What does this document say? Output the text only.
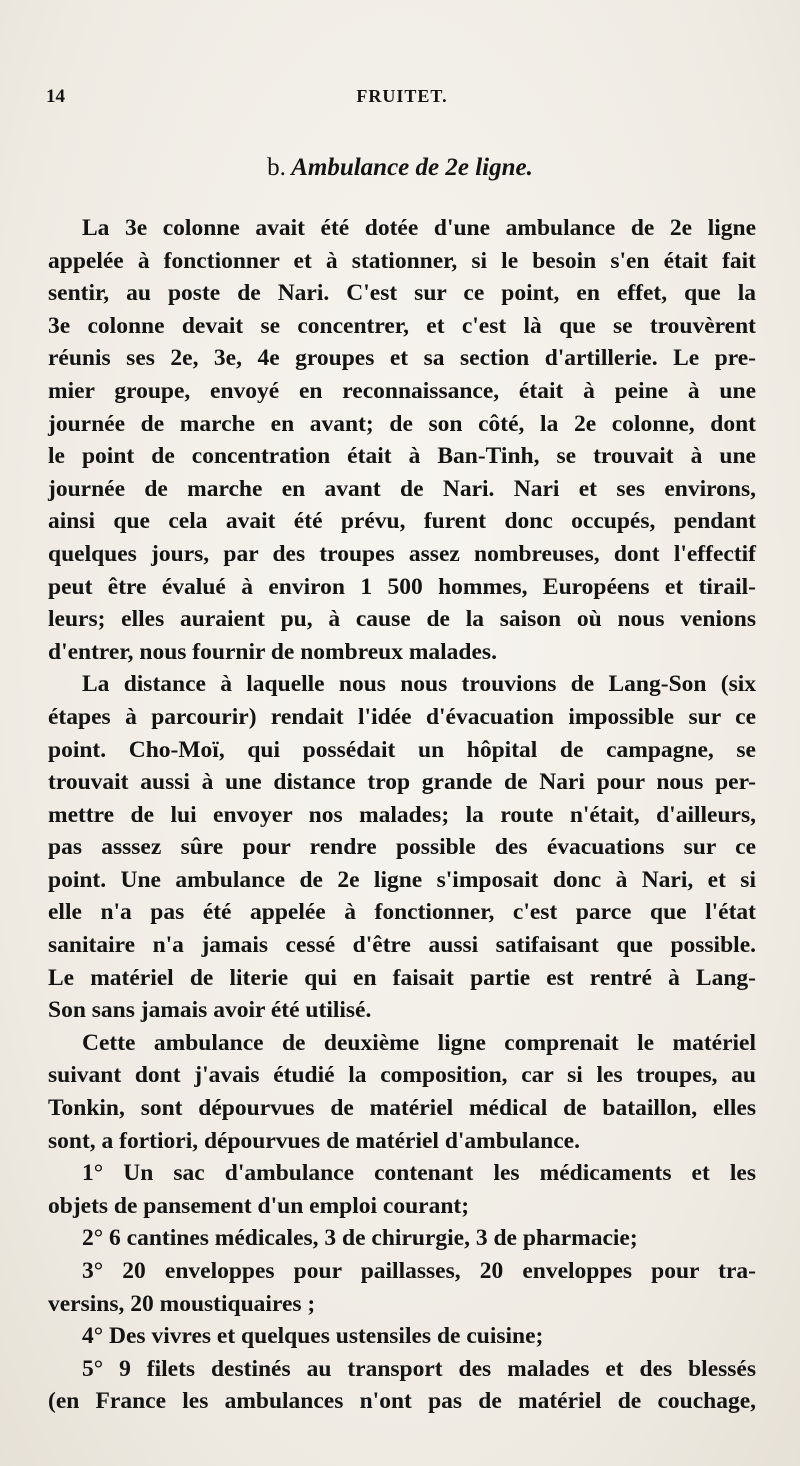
14	FRUITET.
b. Ambulance de 2e ligne.
La 3e colonne avait été dotée d'une ambulance de 2e ligne
appelée à fonctionner et à stationner, si le besoin s'en était fait
sentir, au poste de Nari. C'est sur ce point, en effet, que la
3e colonne devait se concentrer, et c'est là que se trouvèrent
réunis ses 2e, 3e, 4e groupes et sa section d'artillerie. Le pre-
mier groupe, envoyé en reconnaissance, était à peine à une
journée de marche en avant; de son côté, la 2e colonne, dont
le point de concentration était à Ban-Tinh, se trouvait à une
journée de marche en avant de Nari. Nari et ses environs,
ainsi que cela avait été prévu, furent donc occupés, pendant
quelques jours, par des troupes assez nombreuses, dont l'effectif
peut être évalué à environ 1 500 hommes, Européens et tirail-
leurs; elles auraient pu, à cause de la saison où nous venions
d'entrer, nous fournir de nombreux malades.
La distance à laquelle nous nous trouvions de Lang-Son (six
étapes à parcourir) rendait l'idée d'évacuation impossible sur ce
point. Cho-Moï, qui possédait un hôpital de campagne, se
trouvait aussi à une distance trop grande de Nari pour nous per-
mettre de lui envoyer nos malades; la route n'était, d'ailleurs,
pas asssez sûre pour rendre possible des évacuations sur ce
point. Une ambulance de 2e ligne s'imposait donc à Nari, et si
elle n'a pas été appelée à fonctionner, c'est parce que l'état
sanitaire n'a jamais cessé d'être aussi satifaisant que possible.
Le matériel de literie qui en faisait partie est rentré à Lang-
Son sans jamais avoir été utilisé.
Cette ambulance de deuxième ligne comprenait le matériel
suivant dont j'avais étudié la composition, car si les troupes, au
Tonkin, sont dépourvues de matériel médical de bataillon, elles
sont, a fortiori, dépourvues de matériel d'ambulance.
1° Un sac d'ambulance contenant les médicaments et les
objets de pansement d'un emploi courant;
2° 6 cantines médicales, 3 de chirurgie, 3 de pharmacie;
3° 20 enveloppes pour paillasses, 20 enveloppes pour tra-
versins, 20 moustiquaires ;
4° Des vivres et quelques ustensiles de cuisine;
5° 9 filets destinés au transport des malades et des blessés
(en France les ambulances n'ont pas de matériel de couchage,
